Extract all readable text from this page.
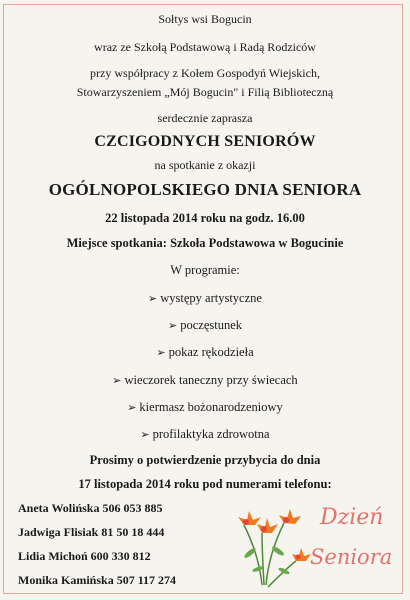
Sołtys wsi Bogucin
wraz ze Szkołą Podstawową i Radą Rodziców
przy współpracy z Kołem Gospodyń Wiejskich,
Stowarzyszeniem „Mój Bogucin" i Filią Biblioteczną
serdecznie zaprasza
CZCIGODNYCH SENIORÓW
na spotkanie z okazji
OGÓLNOPOLSKIEGO DNIA SENIORA
22 listopada 2014 roku na godz. 16.00
Miejsce spotkania: Szkoła Podstawowa w Bogucinie
W programie:
➢ występy artystyczne
➢ poczęstunek
➢ pokaz rękodzieła
➢ wieczorek taneczny przy świecach
➢ kiermasz bożonarodzeniowy
➢ profilaktyka zdrowotna
Prosimy o potwierdzenie przybycia do dnia
17 listopada 2014 roku pod numerami telefonu:
Aneta Wolińska 506 053 885
Jadwiga Flisiak 81 50 18 444
Lidia Michoń 600 330 812
Monika Kamińska 507 117 274
Dzień
Seniora
